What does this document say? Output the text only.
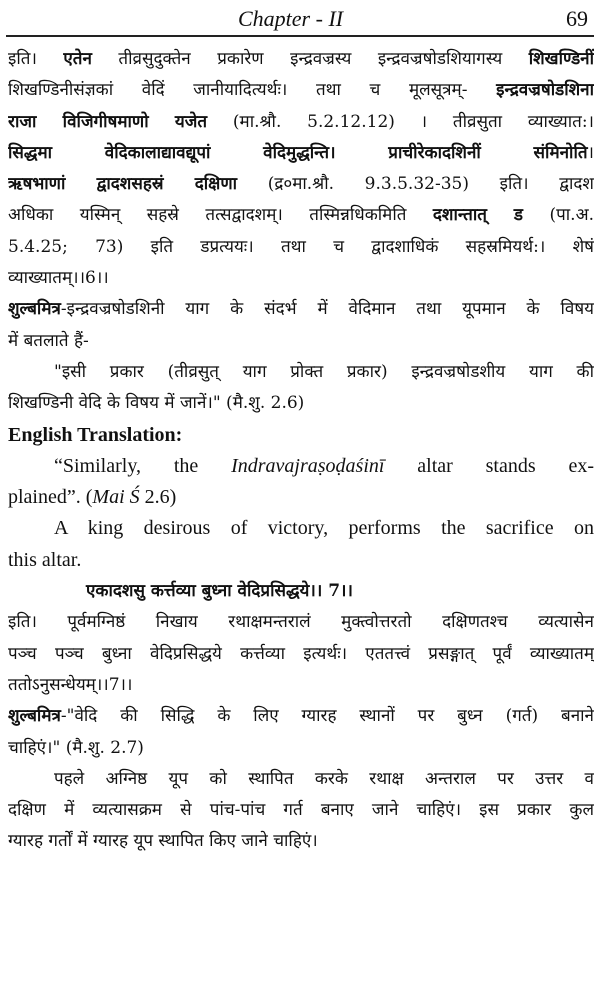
Chapter - II	69
इति। एतेन तीव्रसुदुक्तेन प्रकारेण इन्द्रवज्रस्य इन्द्रवज्रषोडशियागस्य शिखण्डिनीं
शिखण्डिनीसंज्ञकां वेदिं जानीयादित्यर्थः। तथा च मूलसूत्रम्- इन्द्रवज्रषोडशिना
राजा विजिगीषमाणो यजेत (मा.श्रौ. 5.2.12.12) । तीव्रसुता व्याख्यात:।
सिद्धमा वेदिकालाद्यावद्यूपां वेदिमुद्धन्ति। प्राचीरेकादशिनीं संमिनोति।
ऋषभाणां द्वादशसहस्रं दक्षिणा (द्र०मा.श्रौ. 9.3.5.32-35) इति। द्वादश
अधिका यस्मिन् सहस्रे तत्सद्वादशम्। तस्मिन्नधिकमिति दशान्तात् ड (पा.अ.
5.4.25; 73) इति डप्रत्ययः। तथा च द्वादशाधिकं सहस्रमियर्थ:। शेषं
व्याख्यातम्।।6।।
शुल्बमित्र-इन्द्रवज्रषोडशिनी याग के संदर्भ में वेदिमान तथा यूपमान के विषय
में बतलाते हैं-
"इसी प्रकार (तीव्रसुत् याग प्रोक्त प्रकार) इन्द्रवज्रषोडशीय याग की
शिखण्डिनी वेदि के विषय में जानें।" (मै.शु. 2.6)
English Translation:
“Similarly, the Indravajraṣoḍaśinī altar stands ex-
plained”. (Mai Ś 2.6)
A king desirous of victory, performs the sacrifice on
this altar.
एकादशसु कर्त्तव्या बुध्ना वेदिप्रसिद्धये।। 7।।
इति। पूर्वमग्निष्ठं निखाय रथाक्षमन्तरालं मुक्त्वोत्तरतो दक्षिणतश्च व्यत्यासेन
पञ्च पञ्च बुध्ना वेदिप्रसिद्धये कर्त्तव्या इत्यर्थः। एततत्त्वं प्रसङ्गात् पूर्वं व्याख्यातम्
ततोऽनुसन्धेयम्।।7।।
शुल्बमित्र-"वेदि की सिद्धि के लिए ग्यारह स्थानों पर बुध्न (गर्त) बनाने
चाहिएं।" (मै.शु. 2.7)
पहले अग्निष्ठ यूप को स्थापित करके रथाक्ष अन्तराल पर उत्तर व
दक्षिण में व्यत्यासक्रम से पांच-पांच गर्त बनाए जाने चाहिएं। इस प्रकार कुल
ग्यारह गर्तों में ग्यारह यूप स्थापित किए जाने चाहिएं।
